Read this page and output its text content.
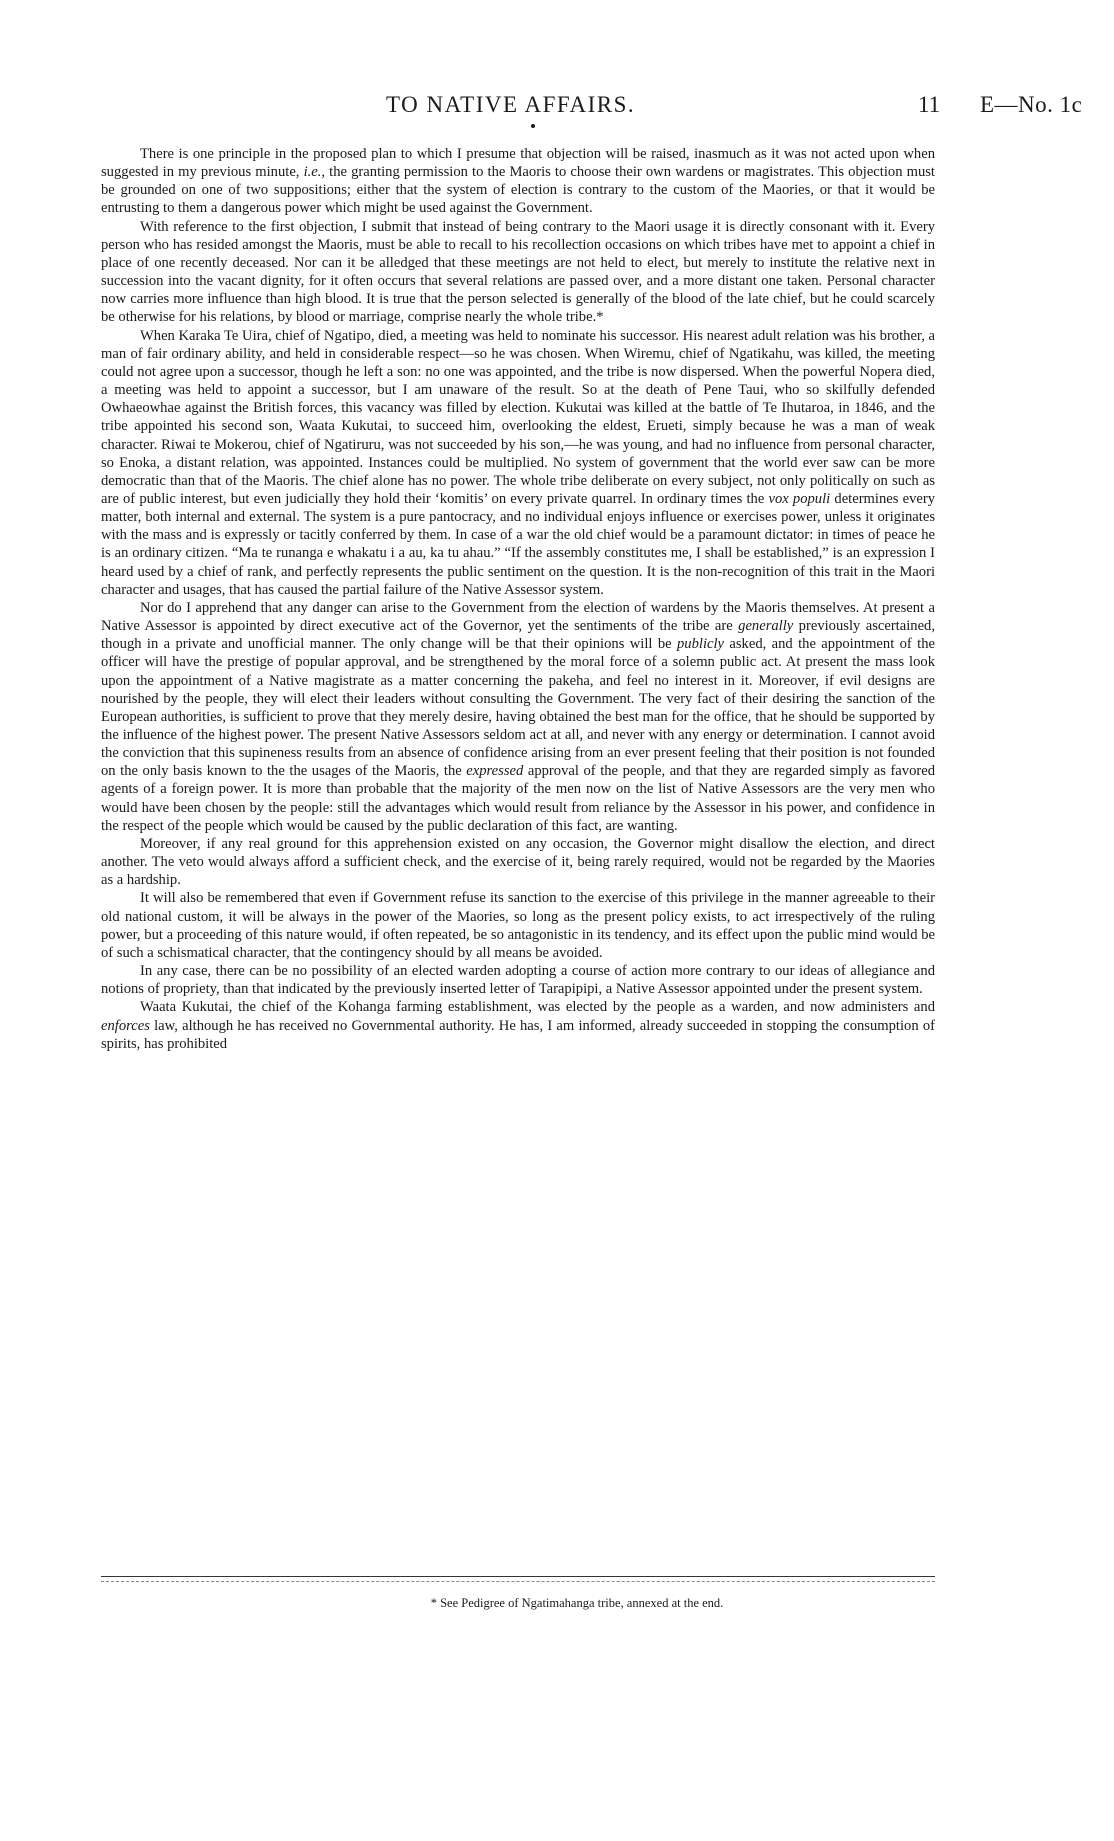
TO NATIVE AFFAIRS.	11 E—No. 1c

There is one principle in the proposed plan to which I presume that objection will be raised, inasmuch as it was not acted upon when suggested in my previous minute, i.e., the granting permission to the Maoris to choose their own wardens or magistrates. This objection must be grounded on one of two suppositions; either that the system of election is contrary to the custom of the Maories, or that it would be entrusting to them a dangerous power which might be used against the Government.

With reference to the first objection, I submit that instead of being contrary to the Maori usage it is directly consonant with it. Every person who has resided amongst the Maoris, must be able to recall to his recollection occasions on which tribes have met to appoint a chief in place of one recently deceased. Nor can it be alledged that these meetings are not held to elect, but merely to institute the relative next in succession into the vacant dignity, for it often occurs that several relations are passed over, and a more distant one taken. Personal character now carries more influence than high blood. It is true that the person selected is generally of the blood of the late chief, but he could scarcely be otherwise for his relations, by blood or marriage, comprise nearly the whole tribe.*

When Karaka Te Uira, chief of Ngatipo, died, a meeting was held to nominate his successor. His nearest adult relation was his brother, a man of fair ordinary ability, and held in considerable respect—so he was chosen. When Wiremu, chief of Ngatikahu, was killed, the meeting could not agree upon a successor, though he left a son: no one was appointed, and the tribe is now dispersed. When the powerful Nopera died, a meeting was held to appoint a successor, but I am unaware of the result. So at the death of Pene Taui, who so skilfully defended Owhaeowhae against the British forces, this vacancy was filled by election. Kukutai was killed at the battle of Te Ihutaroa, in 1846, and the tribe appointed his second son, Waata Kukutai, to succeed him, overlooking the eldest, Erueti, simply because he was a man of weak character. Riwai te Mokerou, chief of Ngatiruru, was not succeeded by his son,—he was young, and had no influence from personal character, so Enoka, a distant relation, was appointed. Instances could be multiplied. No system of government that the world ever saw can be more democratic than that of the Maoris. The chief alone has no power. The whole tribe deliberate on every subject, not only politically on such as are of public interest, but even judicially they hold their ‘komitis’ on every private quarrel. In ordinary times the vox populi determines every matter, both internal and external. The system is a pure pantocracy, and no individual enjoys influence or exercises power, unless it originates with the mass and is expressly or tacitly conferred by them. In case of a war the old chief would be a paramount dictator: in times of peace he is an ordinary citizen. “Ma te runanga e whakatu i a au, ka tu ahau.” “If the assembly constitutes me, I shall be established,” is an expression I heard used by a chief of rank, and perfectly represents the public sentiment on the question. It is the non-recognition of this trait in the Maori character and usages, that has caused the partial failure of the Native Assessor system.

Nor do I apprehend that any danger can arise to the Government from the election of wardens by the Maoris themselves. At present a Native Assessor is appointed by direct executive act of the Governor, yet the sentiments of the tribe are generally previously ascertained, though in a private and unofficial manner. The only change will be that their opinions will be publicly asked, and the appointment of the officer will have the prestige of popular approval, and be strengthened by the moral force of a solemn public act. At present the mass look upon the appointment of a Native magistrate as a matter concerning the pakeha, and feel no interest in it. Moreover, if evil designs are nourished by the people, they will elect their leaders without consulting the Government. The very fact of their desiring the sanction of the European authorities, is sufficient to prove that they merely desire, having obtained the best man for the office, that he should be supported by the influence of the highest power. The present Native Assessors seldom act at all, and never with any energy or determination. I cannot avoid the conviction that this supineness results from an absence of confidence arising from an ever present feeling that their position is not founded on the only basis known to the the usages of the Maoris, the expressed approval of the people, and that they are regarded simply as favored agents of a foreign power. It is more than probable that the majority of the men now on the list of Native Assessors are the very men who would have been chosen by the people: still the advantages which would result from reliance by the Assessor in his power, and confidence in the respect of the people which would be caused by the public declaration of this fact, are wanting.

Moreover, if any real ground for this apprehension existed on any occasion, the Governor might disallow the election, and direct another. The veto would always afford a sufficient check, and the exercise of it, being rarely required, would not be regarded by the Maories as a hardship.

It will also be remembered that even if Government refuse its sanction to the exercise of this privilege in the manner agreeable to their old national custom, it will be always in the power of the Maories, so long as the present policy exists, to act irrespectively of the ruling power, but a proceeding of this nature would, if often repeated, be so antagonistic in its tendency, and its effect upon the public mind would be of such a schismatical character, that the contingency should by all means be avoided.

In any case, there can be no possibility of an elected warden adopting a course of action more contrary to our ideas of allegiance and notions of propriety, than that indicated by the previously inserted letter of Tarapipipi, a Native Assessor appointed under the present system.

Waata Kukutai, the chief of the Kohanga farming establishment, was elected by the people as a warden, and now administers and enforces law, although he has received no Governmental authority. He has, I am informed, already succeeded in stopping the consumption of spirits, has prohibited

* See Pedigree of Ngatimahanga tribe, annexed at the end.
